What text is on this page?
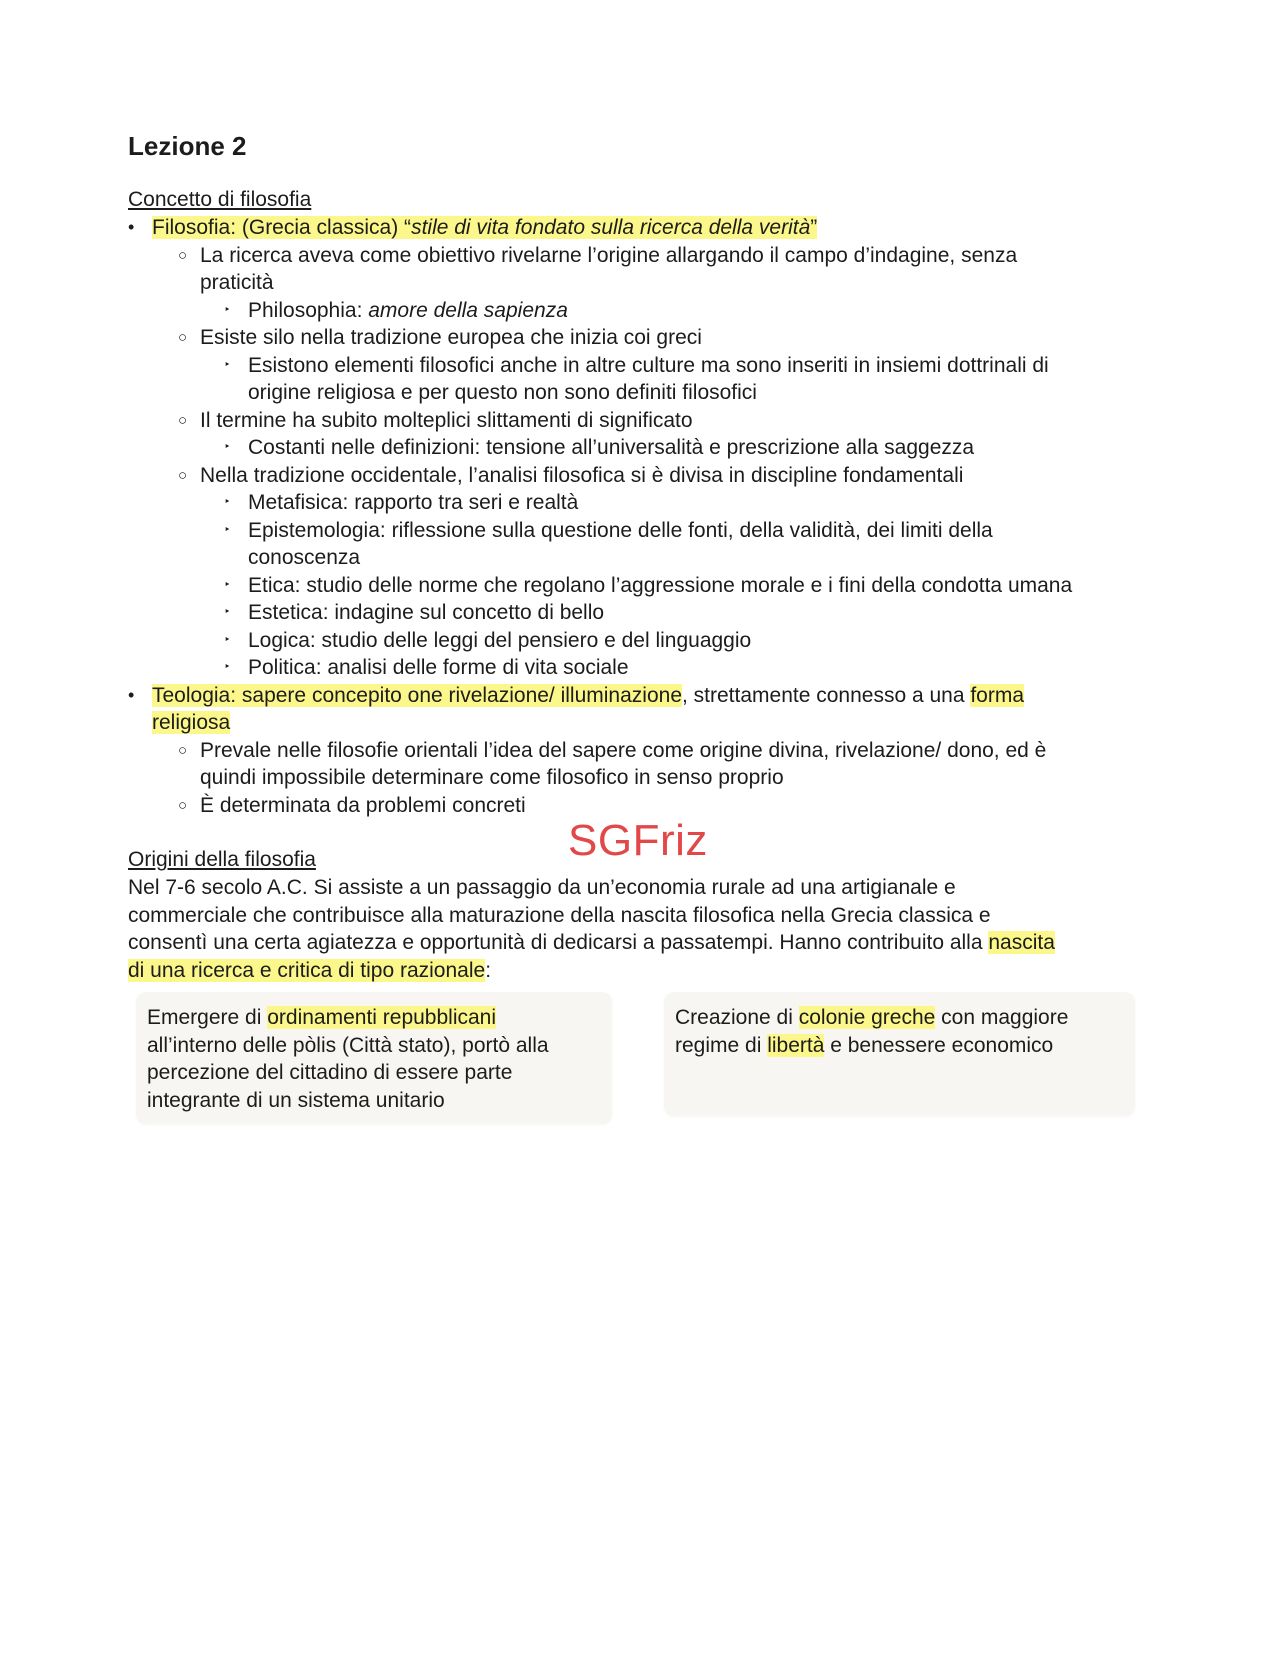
Lezione 2
Concetto di filosofia
• Filosofia: (Grecia classica) “stile di vita fondato sulla ricerca della verità”
○ La ricerca aveva come obiettivo rivelarne l’origine allargando il campo d’indagine, senza
praticità
‣ Philosophia: amore della sapienza
○ Esiste silo nella tradizione europea che inizia coi greci
‣ Esistono elementi filosofici anche in altre culture ma sono inseriti in insiemi dottrinali di
origine religiosa e per questo non sono definiti filosofici
○ Il termine ha subito molteplici slittamenti di significato
‣ Costanti nelle definizioni: tensione all’universalità e prescrizione alla saggezza
○ Nella tradizione occidentale, l’analisi filosofica si è divisa in discipline fondamentali
‣ Metafisica: rapporto tra seri e realtà
‣ Epistemologia: riflessione sulla questione delle fonti, della validità, dei limiti della
conoscenza
‣ Etica: studio delle norme che regolano l’aggressione morale e i fini della condotta umana
‣ Estetica: indagine sul concetto di bello
‣ Logica: studio delle leggi del pensiero e del linguaggio
‣ Politica: analisi delle forme di vita sociale
• Teologia: sapere concepito one rivelazione/ illuminazione, strettamente connesso a una forma
religiosa
○ Prevale nelle filosofie orientali l’idea del sapere come origine divina, rivelazione/ dono, ed è
quindi impossibile determinare come filosofico in senso proprio
○ È determinata da problemi concreti
Origini della filosofia
Nel 7-6 secolo A.C. Si assiste a un passaggio da un’economia rurale ad una artigianale e
commerciale che contribuisce alla maturazione della nascita filosofica nella Grecia classica e
consentì una certa agiatezza e opportunità di dedicarsi a passatempi. Hanno contribuito alla nascita
di una ricerca e critica di tipo razionale:
SGFriz
Emergere di ordinamenti repubblicani
all’interno delle pòlis (Città stato), portò alla
percezione del cittadino di essere parte
integrante di un sistema unitario
Creazione di colonie greche con maggiore
regime di libertà e benessere economico
